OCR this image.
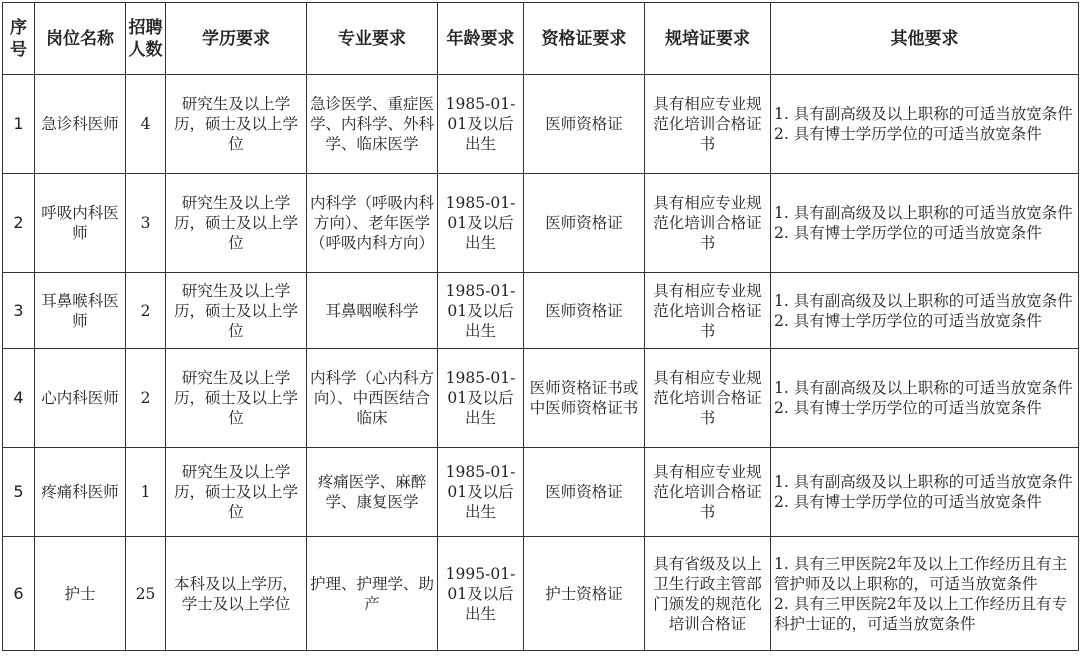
序号	岗位名称	招聘人数	学历要求	专业要求	年龄要求	资格证要求	规培证要求	其他要求
1	急诊科医师	4	研究生及以上学历，硕士及以上学位	急诊医学、重症医学、内科学、外科学、临床医学	1985-01-01及以后出生	医师资格证	具有相应专业规范化培训合格证书	1. 具有副高级及以上职称的可适当放宽条件
2. 具有博士学历学位的可适当放宽条件

2	呼吸内科医师	3	研究生及以上学历，硕士及以上学位	内科学（呼吸内科方向）、老年医学（呼吸内科方向）	1985-01-01及以后出生	医师资格证	具有相应专业规范化培训合格证书	1. 具有副高级及以上职称的可适当放宽条件
2. 具有博士学历学位的可适当放宽条件

3	耳鼻喉科医师	2	研究生及以上学历，硕士及以上学位	耳鼻咽喉科学	1985-01-01及以后出生	医师资格证	具有相应专业规范化培训合格证书	1. 具有副高级及以上职称的可适当放宽条件
2. 具有博士学历学位的可适当放宽条件

4	心内科医师	2	研究生及以上学历，硕士及以上学位	内科学（心内科方向）、中西医结合临床	1985-01-01及以后出生	医师资格证书或中医师资格证书	具有相应专业规范化培训合格证书	1. 具有副高级及以上职称的可适当放宽条件
2. 具有博士学历学位的可适当放宽条件

5	疼痛科医师	1	研究生及以上学历，硕士及以上学位	疼痛医学、麻醉学、康复医学	1985-01-01及以后出生	医师资格证	具有相应专业规范化培训合格证书	1. 具有副高级及以上职称的可适当放宽条件
2. 具有博士学历学位的可适当放宽条件

6	护士	25	本科及以上学历，学士及以上学位	护理、护理学、助产	1995-01-01及以后出生	护士资格证	具有省级及以上卫生行政主管部门颁发的规范化培训合格证	1. 具有三甲医院2年及以上工作经历且有主管护师及以上职称的，可适当放宽条件
2. 具有三甲医院2年及以上工作经历且有专科护士证的，可适当放宽条件
